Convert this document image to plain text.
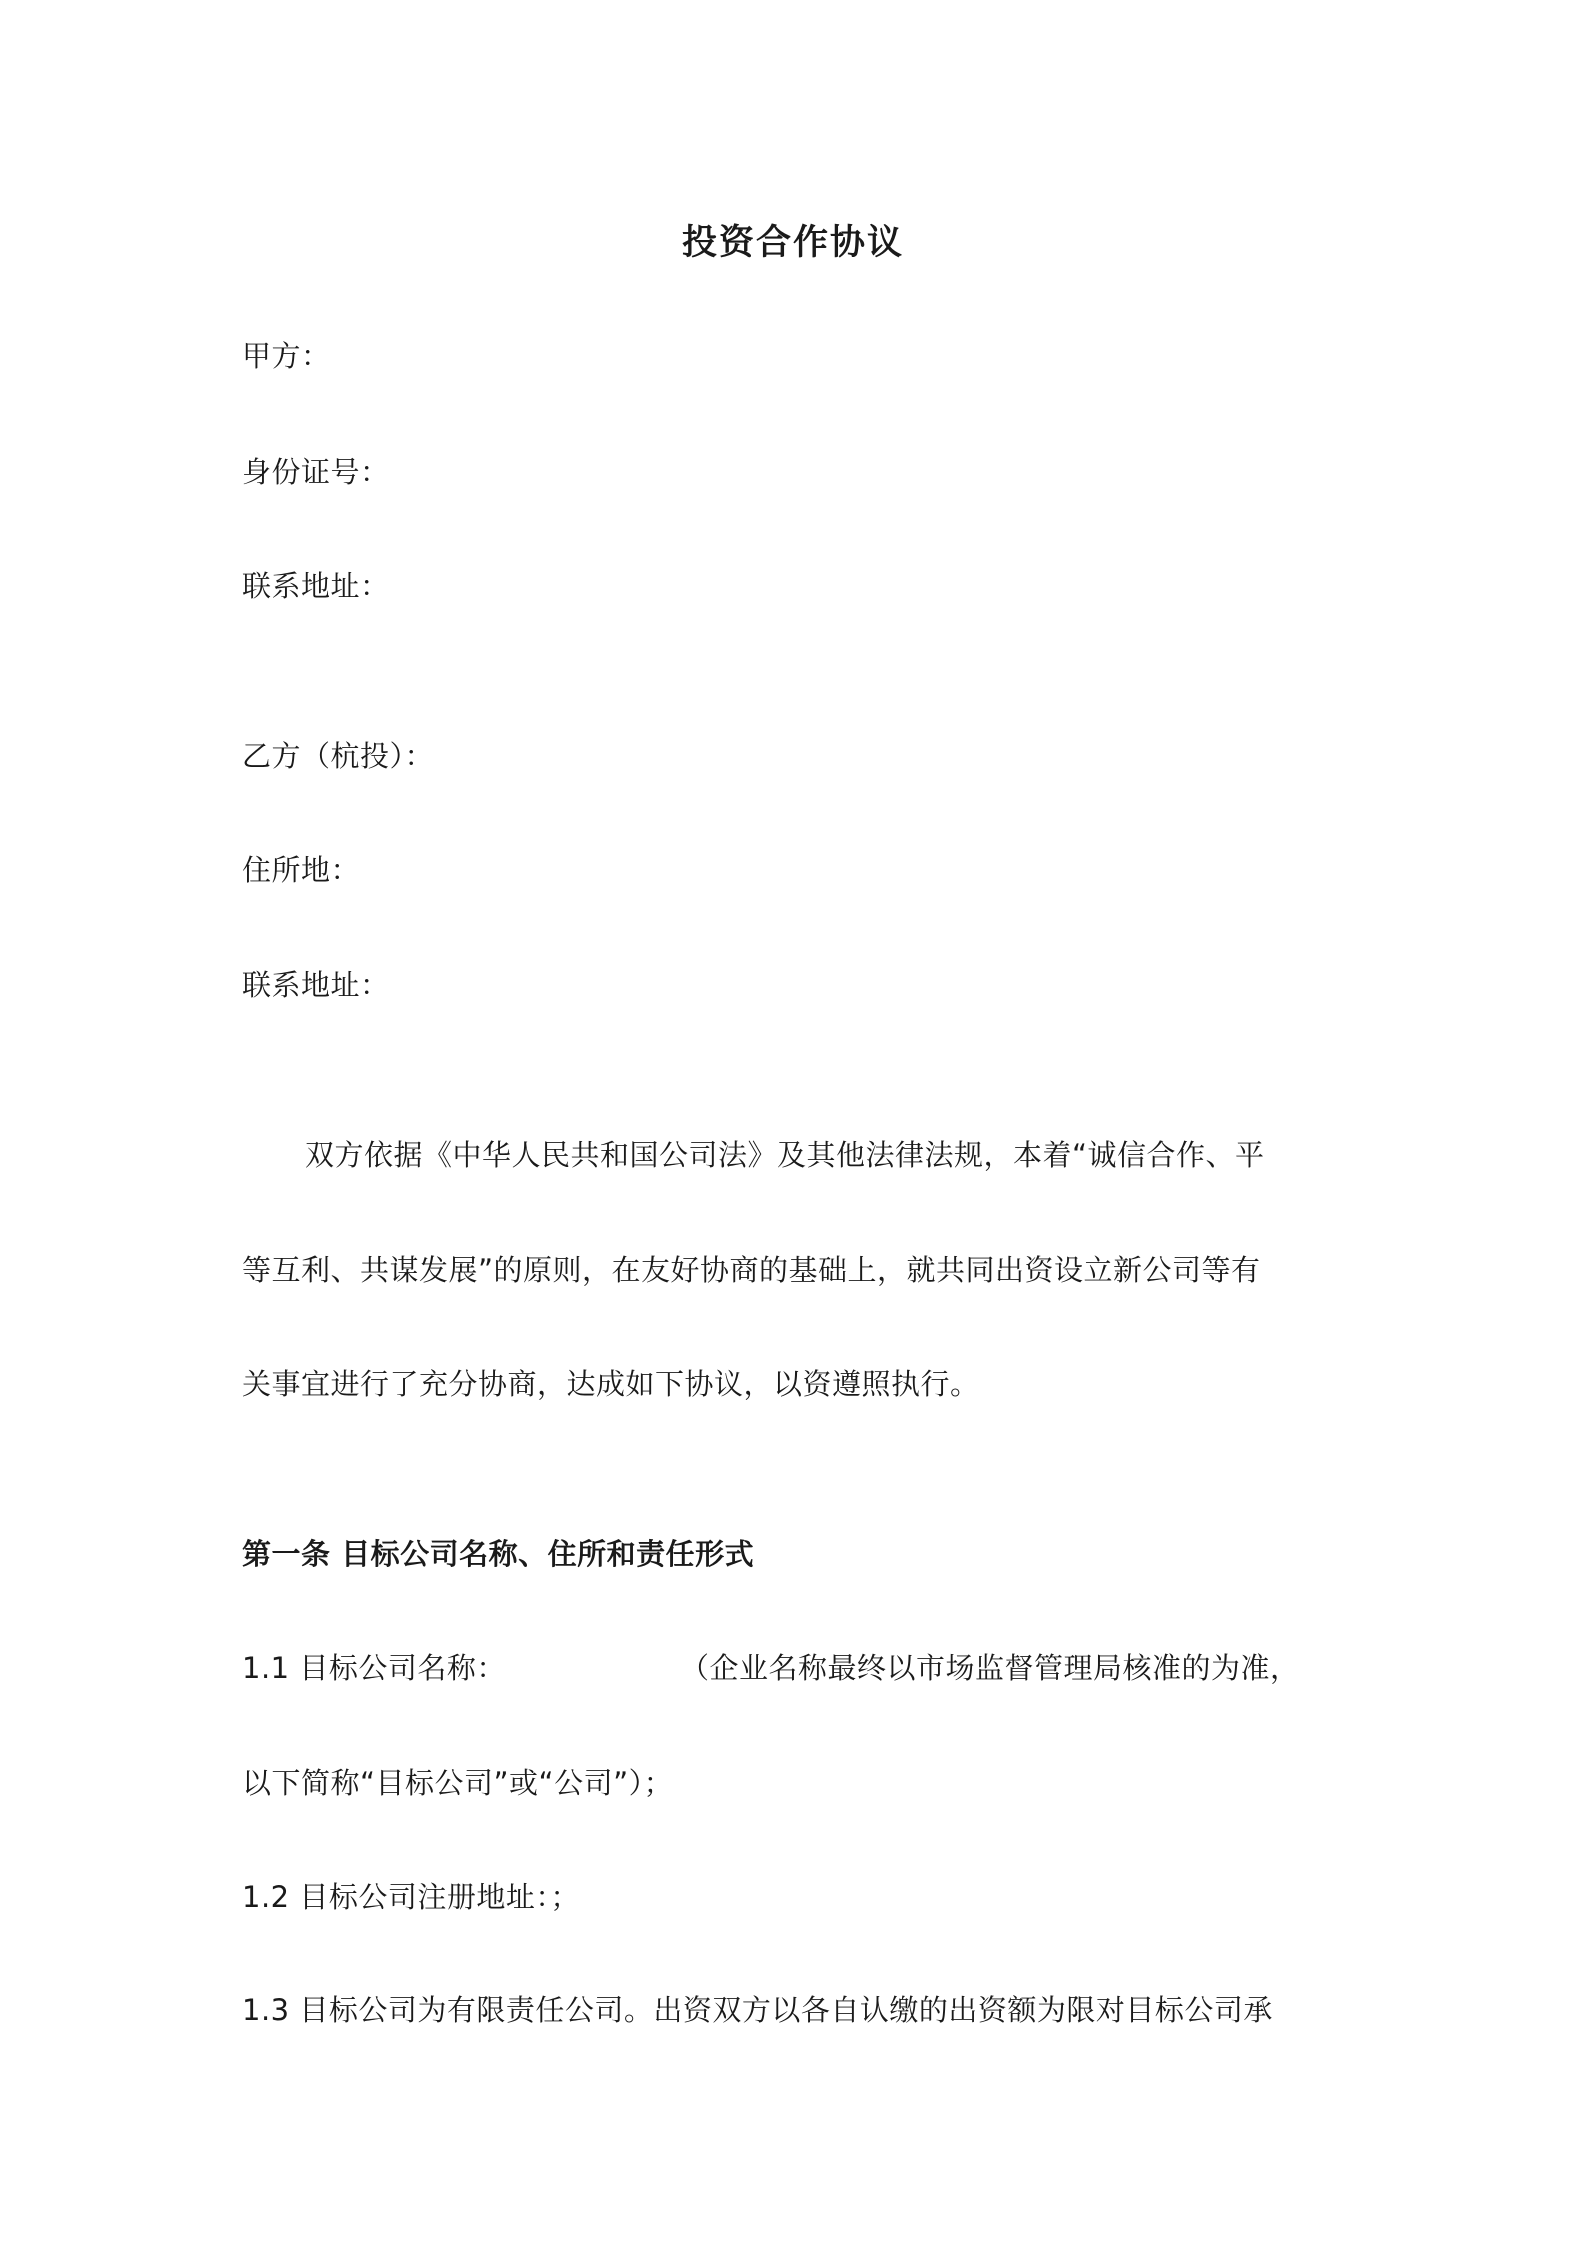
投资合作协议
甲方：
身份证号：
联系地址：
乙方（杭投）：
住所地：
联系地址：
双方依据《中华人民共和国公司法》及其他法律法规，本着“诚信合作、平
等互利、共谋发展”的原则，在友好协商的基础上，就共同出资设立新公司等有
关事宜进行了充分协商，达成如下协议，以资遵照执行。
第一条 目标公司名称、住所和责任形式
1.1 目标公司名称：	（企业名称最终以市场监督管理局核准的为准，
以下简称“目标公司”或“公司”）；
1.2 目标公司注册地址：；
1.3 目标公司为有限责任公司。出资双方以各自认缴的出资额为限对目标公司承
